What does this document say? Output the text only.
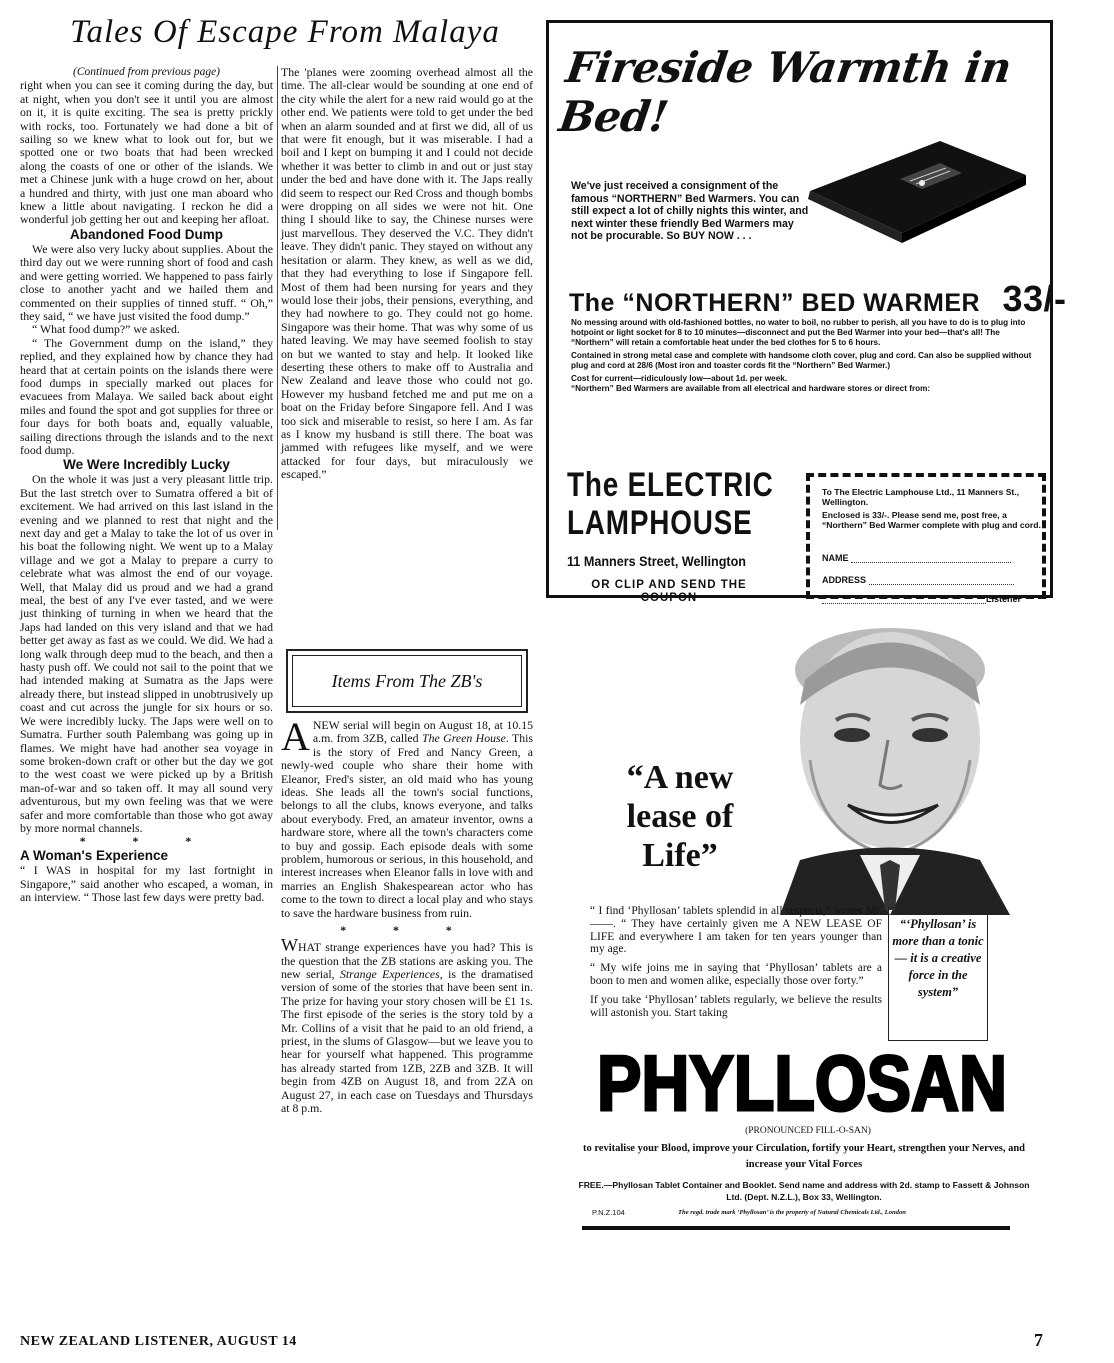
Tales Of Escape From Malaya

(Continued from previous page)

right when you can see it coming during the day, but at night, when you don't see it until you are almost on it, it is quite exciting. The sea is pretty prickly with rocks, too. Fortunately we had done a bit of sailing so we knew what to look out for, but we spotted one or two boats that had been wrecked along the coasts of one or other of the islands. We met a Chinese junk with a huge crowd on her, about a hundred and thirty, with just one man aboard who knew a little about navigating. I reckon he did a wonderful job getting her out and keeping her afloat.

Abandoned Food Dump

We were also very lucky about supplies. About the third day out we were running short of food and cash and were getting worried. We happened to pass fairly close to another yacht and we hailed them and commented on their supplies of tinned stuff. “ Oh,” they said, “ we have just visited the food dump.”

“ What food dump?” we asked.

“ The Government dump on the island,” they replied, and they explained how by chance they had heard that at certain points on the islands there were food dumps in specially marked out places for evacuees from Malaya. We sailed back about eight miles and found the spot and got supplies for three or four days for both boats and, equally valuable, sailing directions through the islands and to the next food dump.

We Were Incredibly Lucky

On the whole it was just a very pleasant little trip. But the last stretch over to Sumatra offered a bit of excitement. We had arrived on this last island in the evening and we planned to rest that night and the next day and get a Malay to take the lot of us over in his boat the following night. We went up to a Malay village and we got a Malay to prepare a curry to celebrate what was almost the end of our voyage. Well, that Malay did us proud and we had a grand meal, the best of any I've ever tasted, and we were just thinking of turning in when we heard that the Japs had landed on this very island and that we had better get away as fast as we could. We did. We had a long walk through deep mud to the beach, and then a hasty push off. We could not sail to the point that we had intended making at Sumatra as the Japs were already there, but instead slipped in unobtrusively up coast and cut across the jungle for six hours or so. We were incredibly lucky. The Japs were well on to Sumatra. Further south Palembang was going up in flames. We might have had another sea voyage in some broken-down craft or other but the day we got to the west coast we were picked up by a British man-of-war and so taken off. It may all sound very adventurous, but my own feeling was that we were safer and more comfortable than those who got away by more normal channels.

* * *

A Woman's Experience

“ I WAS in hospital for my last fortnight in Singapore,” said another who escaped, a woman, in an interview. “ Those last few days were pretty bad.

The 'planes were zooming overhead almost all the time. The all-clear would be sounding at one end of the city while the alert for a new raid would go at the other end. We patients were told to get under the bed when an alarm sounded and at first we did, all of us that were fit enough, but it was miserable. I had a boil and I kept on bumping it and I could not decide whether it was better to climb in and out or just stay under the bed and have done with it. The Japs really did seem to respect our Red Cross and though bombs were dropping on all sides we were not hit. One thing I should like to say, the Chinese nurses were just marvellous. They deserved the V.C. They didn't leave. They didn't panic. They stayed on without any hesitation or alarm. They knew, as well as we did, that they had everything to lose if Singapore fell. Most of them had been nursing for years and they would lose their jobs, their pensions, everything, and they had nowhere to go. They could not go home. Singapore was their home. That was why some of us hated leaving. We may have seemed foolish to stay on but we wanted to stay and help. It looked like deserting these others to make off to Australia and New Zealand and leave those who could not go. However my husband fetched me and put me on a boat on the Friday before Singapore fell. And I was too sick and miserable to resist, so here I am. As far as I know my husband is still there. The boat was jammed with refugees like myself, and we were attacked for four days, but miraculously we escaped.”

Items From The ZB's

ANEW serial will begin on August 18, at 10.15 a.m. from 3ZB, called The Green House. This is the story of Fred and Nancy Green, a newly-wed couple who share their home with Eleanor, Fred's sister, an old maid who has young ideas. She leads all the town's social functions, belongs to all the clubs, knows everyone, and talks about everybody. Fred, an amateur inventor, owns a hardware store, where all the town's characters come to buy and gossip. Each episode deals with some problem, humorous or serious, in this household, and interest increases when Eleanor falls in love with and marries an English Shakespearean actor who has come to the town to direct a local play and who stays to save the hardware business from ruin.

* * *

WHAT strange experiences have you had? This is the question that the ZB stations are asking you. The new serial, Strange Experiences, is the dramatised version of some of the stories that have been sent in. The prize for having your story chosen will be £1 1s. The first episode of the series is the story told by a Mr. Collins of a visit that he paid to an old friend, a priest, in the slums of Glasgow—but we leave you to hear for yourself what happened. This programme has already started from 1ZB, 2ZB and 3ZB. It will begin from 4ZB on August 18, and from 2ZA on August 27, in each case on Tuesdays and Thursdays at 8 p.m.

NEW ZEALAND LISTENER, AUGUST 14	7
Fireside Warmth in Bed!
We've just received a consignment of the famous “NORTHERN” Bed Warmers. You can still expect a lot of chilly nights this winter, and next winter these friendly Bed Warmers may not be procurable. So BUY NOW . . .
The “NORTHERN” BED WARMER 33/-

No messing around with old-fashioned bottles, no water to boil, no rubber to perish, all you have to do is to plug into hotpoint or light socket for 8 to 10 minutes—disconnect and put the Bed Warmer into your bed—that's all! The “Northern” will retain a comfortable heat under the bed clothes for 5 to 6 hours.

Contained in strong metal case and complete with handsome cloth cover, plug and cord. Can also be supplied without plug and cord at 28/6 (Most iron and toaster cords fit the “Northern” Bed Warmer.)

Cost for current—ridiculously low—about 1d. per week.

“Northern” Bed Warmers are available from all electrical and hardware stores or direct from:

The ELECTRIC
LAMPHOUSE
11 Manners Street, Wellington
OR CLIP AND SEND THE COUPON
To The Electric Lamphouse Ltd., 11 Manners St., Wellington.
Enclosed is 33/-. Please send me, post free, a “Northern” Bed Warmer complete with plug and cord.
NAME
ADDRESS
Listener
“A new lease of Life”

“ I find ‘Phyllosan’ tablets splendid in all respects,” writes Mr.——. “ They have certainly given me A NEW LEASE OF LIFE and everywhere I am taken for ten years younger than my age.

“ My wife joins me in saying that ‘Phyllosan’ tablets are a boon to men and women alike, especially those over forty.”

If you take ‘Phyllosan’ tablets regularly, we believe the results will astonish you. Start taking

“‘Phyllosan’ is more than a tonic— it is a creative force in the system”
PHYLLOSAN
(PRONOUNCED FILL-O-SAN)
to revitalise your Blood, improve your Circulation, fortify your Heart, strengthen your Nerves, and increase your Vital Forces
FREE.—Phyllosan Tablet Container and Booklet. Send name and address with 2d. stamp to Fassett & Johnson Ltd. (Dept. N.Z.L.), Box 33, Wellington.
P.N.Z.104	The regd. trade mark ‘Phyllosan’ is the property of Natural Chemicals Ltd., London
